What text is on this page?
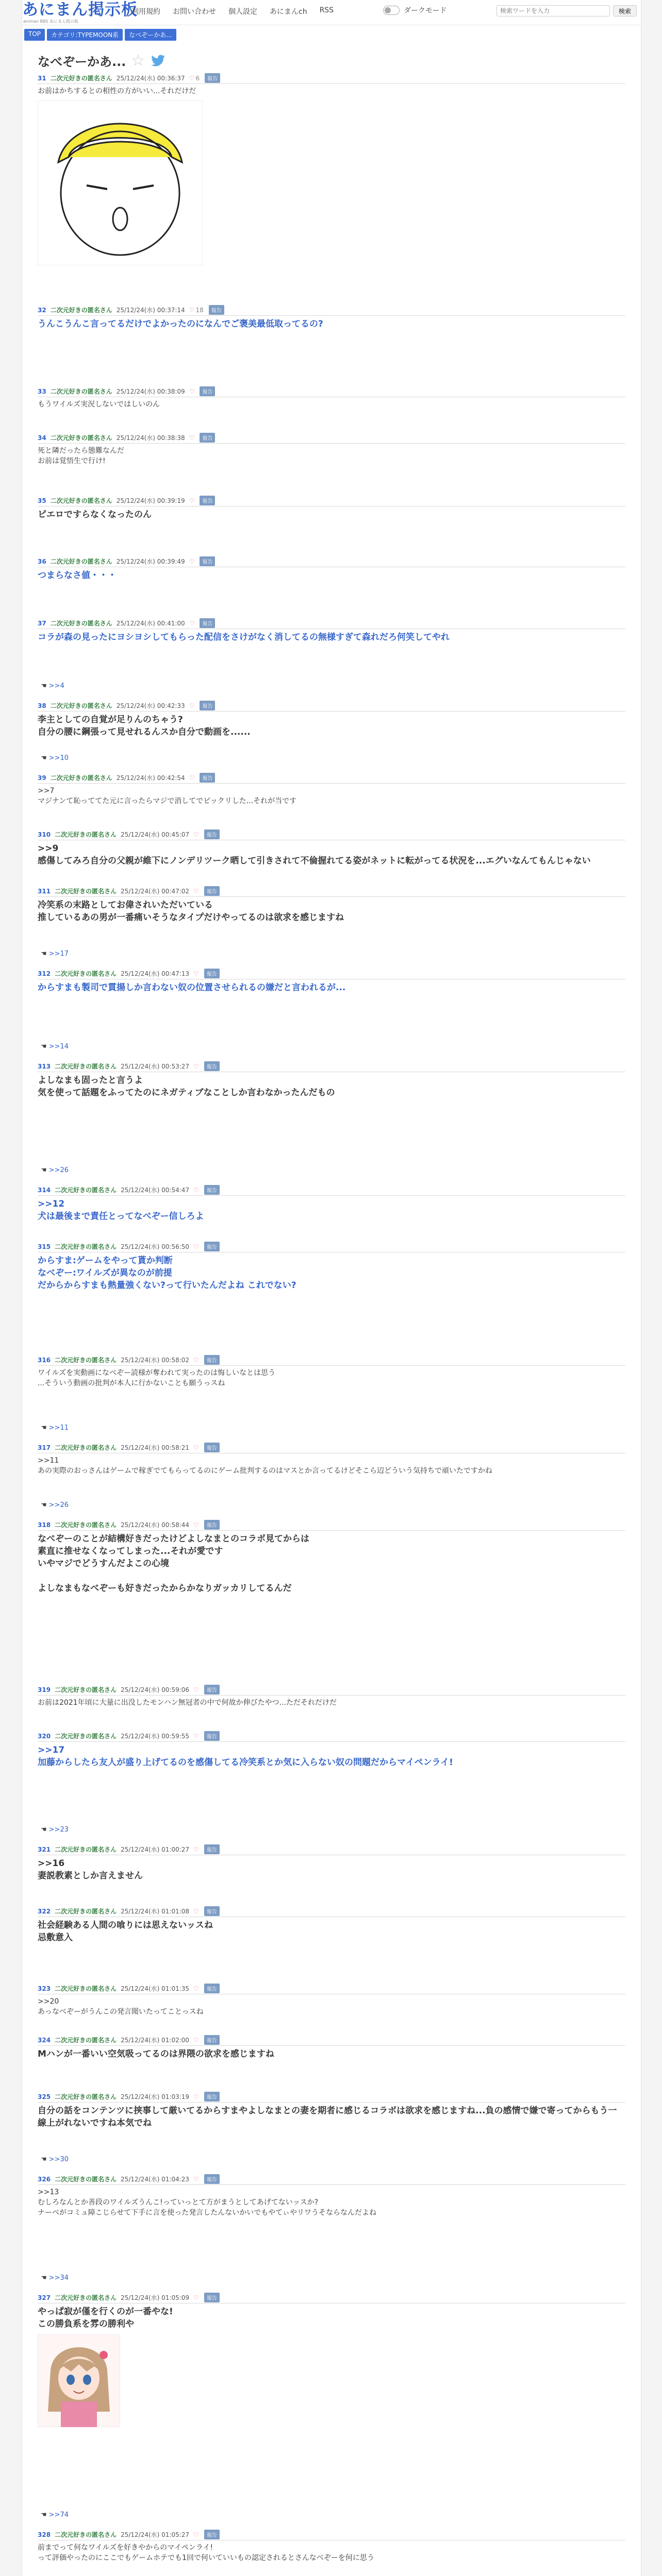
あにまん掲示板
animan BBS あにまん掲示板
利用規約 お問い合わせ 個人設定 あにまんch RSS	ダークモード
検索ワードを入力	検索
TOP	カテゴリ:TYPEMOON系	なべぞーかあ...
なべぞーかあ... ☆
31 二次元好きの匿名さん 25/12/24(水) 00:36:37 ♡ 6	報告
お前はかちするとの相性の方がいい...それだけだ
32 二次元好きの匿名さん 25/12/24(水) 00:37:14 ♡ 18	報告
うんこうんこ言ってるだけでよかったのになんでご褒美最低取ってるの?
33 二次元好きの匿名さん 25/12/24(水) 00:38:09 ♡	報告
もうワイルズ実況しないではしいのん
34 二次元好きの匿名さん 25/12/24(水) 00:38:38 ♡	報告
死と隣だったら態難なんだ
お前は覚悟生で行け!
35 二次元好きの匿名さん 25/12/24(水) 00:39:19 ♡	報告
ピエロですらなくなったのん
36 二次元好きの匿名さん 25/12/24(水) 00:39:49 ♡	報告
つまらなさ値・・・
37 二次元好きの匿名さん 25/12/24(水) 00:41:00 ♡	報告
コラが森の見ったにヨシヨシしてもらった配信をさけがなく消してるの無様すぎて森れだろ何笑してやれ
☚ >>4
38 二次元好きの匿名さん 25/12/24(水) 00:42:33 ♡	報告
李主としての自覚が足りんのちゃう?
自分の腰に鋼張って見せれるんスか自分で動画を......
☚ >>10
39 二次元好きの匿名さん 25/12/24(水) 00:42:54 ♡	報告
>>7
マジナンて恥っててた元に言ったらマジで消してでピックリした...それが当です
310 二次元好きの匿名さん 25/12/24(水) 00:45:07 ♡	報告
>>9
感傷してみろ自分の父親が維下にノンデリツーク晒して引きされて不倫握れてる姿がネットに転がってる状況を...エグいなんてもんじゃない
311 二次元好きの匿名さん 25/12/24(水) 00:47:02 ♡	報告
冷笑系の末路としてお偉されいただいている
推しているあの男が一番痛いそうなタイプだけやってるのは欲求を感じますね
☚ >>17
312 二次元好きの匿名さん 25/12/24(水) 00:47:13 ♡	報告
からすまも製司で貫揚しか言わない奴の位置させられるの嫌だと言われるが...
☚ >>14
313 二次元好きの匿名さん 25/12/24(水) 00:53:27 ♡	報告
よしなまも固ったと言うよ
気を使って話題をふってたのにネガティブなことしか言わなかったんだもの
☚ >>26
314 二次元好きの匿名さん 25/12/24(水) 00:54:47 ♡	報告
>>12
犬は最後まで責任とってなべぞー信しろよ
315 二次元好きの匿名さん 25/12/24(水) 00:56:50 ♡	報告
からすま:ゲームをやって貰か判断
なべぞー:ワイルズが異なのが前提
だからからすまも熱量強くない?って行いたんだよね これでない?
316 二次元好きの匿名さん 25/12/24(水) 00:58:02 ♡	報告
ワイルズを実動画になべぞー読様が奪われて実ったのは悔しいなとは思う
...そういう動画の批判が本人に行かないことも願うっスね
☚ >>11
317 二次元好きの匿名さん 25/12/24(水) 00:58:21 ♡	報告
>>11
あの実際のおっさんはゲームで稼ぎでてもらってるのにゲーム批判するのはマスとか言ってるけどそこら辺どういう気持ちで頑いたですかね
☚ >>26
318 二次元好きの匿名さん 25/12/24(水) 00:58:44 ♡	報告
なべぞーのことが結構好きだったけどよしなまとのコラボ見てからは
素直に推せなくなってしまった...それが愛です
いやマジでどうすんだよこの心境

よしなまもなべぞーも好きだったからかなりガッカリしてるんだ
319 二次元好きの匿名さん 25/12/24(水) 00:59:06 ♡	報告
お前は2021年頃に大量に出没したモンハン無冠者の中で何故か伸びたやつ...ただそれだけだ
320 二次元好きの匿名さん 25/12/24(水) 00:59:55 ♡	報告
>>17
加藤からしたら友人が盛り上げてるのを感傷してる冷笑系とか気に入らない奴の問題だからマイペンライ!
☚ >>23
321 二次元好きの匿名さん 25/12/24(水) 01:00:27 ♡	報告
>>16
妻説教素としか言えません
322 二次元好きの匿名さん 25/12/24(水) 01:01:08 ♡	報告
社会経験ある人間の喰りには思えないッスね
忌敷意入
323 二次元好きの匿名さん 25/12/24(水) 01:01:35 ♡	報告
>>20
あっなべぞーがうんこの発言聞いたってことっスね
324 二次元好きの匿名さん 25/12/24(水) 01:02:00 ♡	報告
Mハンが一番いい空気吸ってるのは界隈の欲求を感じますね
325 二次元好きの匿名さん 25/12/24(水) 01:03:19 ♡	報告
自分の話をコンテンツに挟事して厳いてるからすまやよしなまとの妻を期者に感じるコラボは欲求を感じますね...負の感情で嫌で寄ってからもう一線上がれないですね本気でね
☚ >>30
326 二次元好きの匿名さん 25/12/24(水) 01:04:23 ♡	報告
>>13
むしろなんとか善段のワイルズうんこ!っていっとて方がまうとしてあげてないッスか?
ナーベがコミュ障こじらせて下手に言を使った発言したんないかいでもやてぃやリワうそならなんだよね
☚ >>34
327 二次元好きの匿名さん 25/12/24(水) 01:05:09 ♡	報告
やっぱ寂が僅を行くのが一番やな!
この勝負系を雰の勝利や
☚ >>74
328 二次元好きの匿名さん 25/12/24(水) 01:05:27 ♡	報告
前までって何なワイルズを好きやからのマイペンライ!
って評価やったのにここでもゲームホテでも1回で何いていいもの認定されるとさんなべぞーを何に思う
